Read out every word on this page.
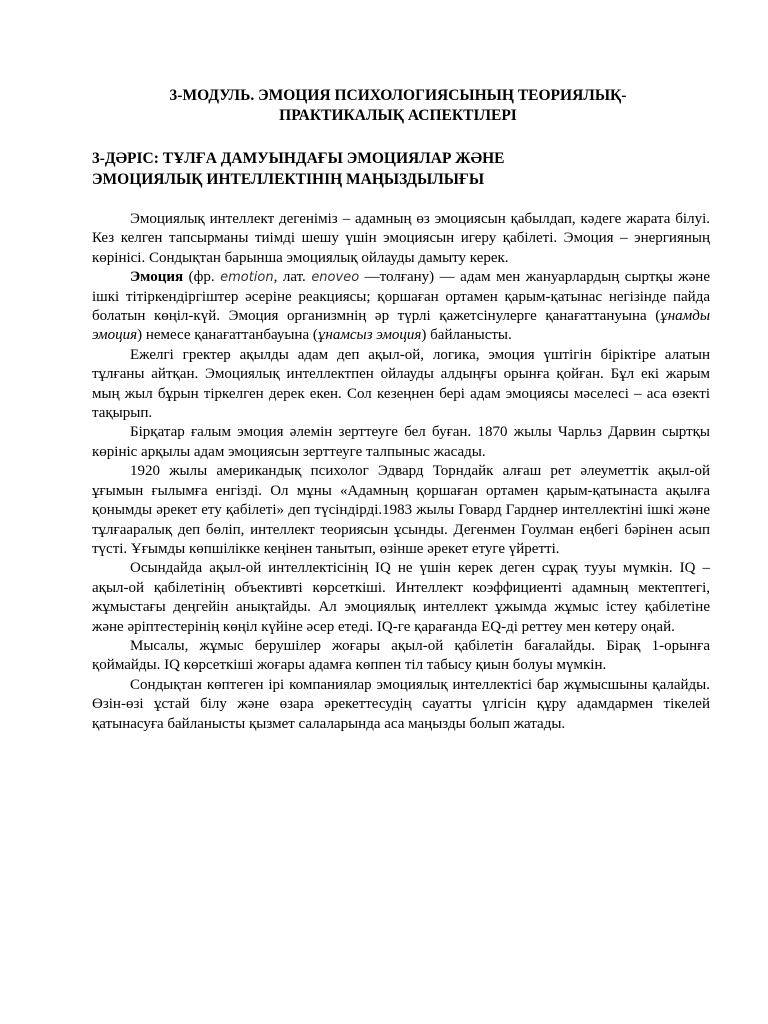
3-МОДУЛЬ. ЭМОЦИЯ ПСИХОЛОГИЯСЫНЫҢ ТЕОРИЯЛЫҚ-
ПРАКТИКАЛЫҚ АСПЕКТІЛЕРІ
3-ДӘРІС: ТҰЛҒА ДАМУЫНДАҒЫ ЭМОЦИЯЛАР ЖӘНЕ
ЭМОЦИЯЛЫҚ ИНТЕЛЛЕКТІНІҢ МАҢЫЗДЫЛЫҒЫ

Эмоциялық интеллект дегеніміз – адамның өз эмоциясын қабылдап, кәдеге жарата білуі. Кез келген тапсырманы тиімді шешу үшін эмоциясын игеру қабілеті. Эмоция – энергияның көрінісі. Сондықтан барынша эмоциялық ойлауды дамыту керек.

Эмоция (фр. emotion, лат. enoveo —толғану) — адам мен жануарлардың сыртқы және ішкі тітіркендіргіштер әсеріне реакциясы; қоршаған ортамен қарым-қатынас негізінде пайда болатын көңіл-күй. Эмоция организмнің әр түрлі қажетсінулерге қанағаттануына (ұнамды эмоция) немесе қанағаттанбауына (ұнамсыз эмоция) байланысты.

Ежелгі гректер ақылды адам деп ақыл-ой, логика, эмоция үштігін біріктіре алатын тұлғаны айтқан. Эмоциялық интеллектпен ойлауды алдыңғы орынға қойған. Бұл екі жарым мың жыл бұрын тіркелген дерек екен. Сол кезеңнен бері адам эмоциясы мәселесі – аса өзекті тақырып.

Бірқатар ғалым эмоция әлемін зерттеуге бел буған. 1870 жылы Чарльз Дарвин сыртқы көрініс арқылы адам эмоциясын зерттеуге талпыныс жасады.

1920 жылы американдық психолог Эдвард Торндайк алғаш рет әлеуметтік ақыл-ой ұғымын ғылымға енгізді. Ол мұны «Адамның қоршаған ортамен қарым-қатынаста ақылға қонымды әрекет ету қабілеті» деп түсіндірді.1983 жылы Говард Гарднер интеллектіні ішкі және тұлғааралық деп бөліп, интеллект теориясын ұсынды. Дегенмен Гоулман еңбегі бәрінен асып түсті. Ұғымды көпшілікке кеңінен танытып, өзінше әрекет етуге үйретті.

Осындайда ақыл-ой интеллектісінің IQ не үшін керек деген сұрақ тууы мүмкін. IQ – ақыл-ой қабілетінің объективті көрсеткіші. Интеллект коэффициенті адамның мектептегі, жұмыстағы деңгейін анықтайды. Ал эмоциялық интеллект ұжымда жұмыс істеу қабілетіне және әріптестерінің көңіл күйіне әсер етеді. IQ-ге қарағанда EQ-ді реттеу мен көтеру оңай.

Мысалы, жұмыс берушілер жоғары ақыл-ой қабілетін бағалайды. Бірақ 1-орынға қоймайды. IQ көрсеткіші жоғары адамға көппен тіл табысу қиын болуы мүмкін.

Сондықтан көптеген ірі компаниялар эмоциялық интеллектісі бар жұмысшыны қалайды. Өзін-өзі ұстай білу және өзара әрекеттесудің сауатты үлгісін құру адамдармен тікелей қатынасуға байланысты қызмет салаларында аса маңызды болып жатады.
